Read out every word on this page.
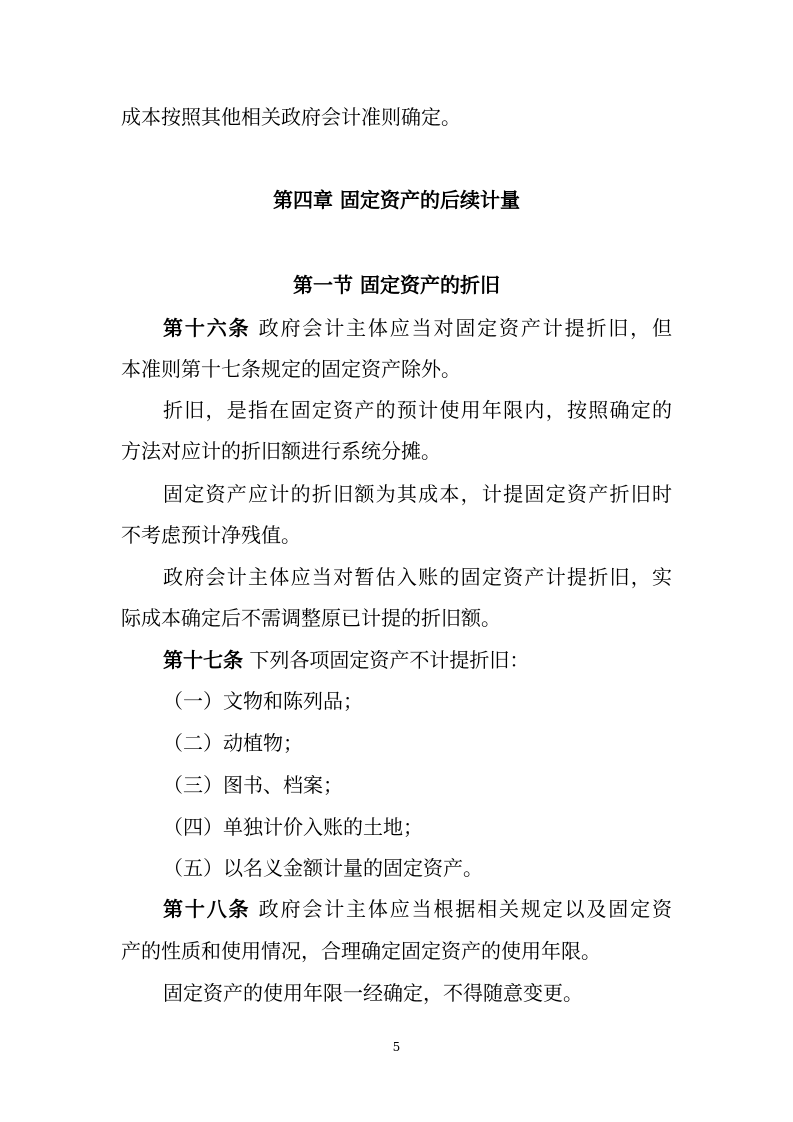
成本按照其他相关政府会计准则确定。
第四章 固定资产的后续计量
第一节 固定资产的折旧
第十六条 政府会计主体应当对固定资产计提折旧，但
本准则第十七条规定的固定资产除外。
折旧，是指在固定资产的预计使用年限内，按照确定的
方法对应计的折旧额进行系统分摊。
固定资产应计的折旧额为其成本，计提固定资产折旧时
不考虑预计净残值。
政府会计主体应当对暂估入账的固定资产计提折旧，实
际成本确定后不需调整原已计提的折旧额。
第十七条 下列各项固定资产不计提折旧：
（一）文物和陈列品；
（二）动植物；
（三）图书、档案；
（四）单独计价入账的土地；
（五）以名义金额计量的固定资产。
第十八条 政府会计主体应当根据相关规定以及固定资
产的性质和使用情况，合理确定固定资产的使用年限。
固定资产的使用年限一经确定，不得随意变更。
5
